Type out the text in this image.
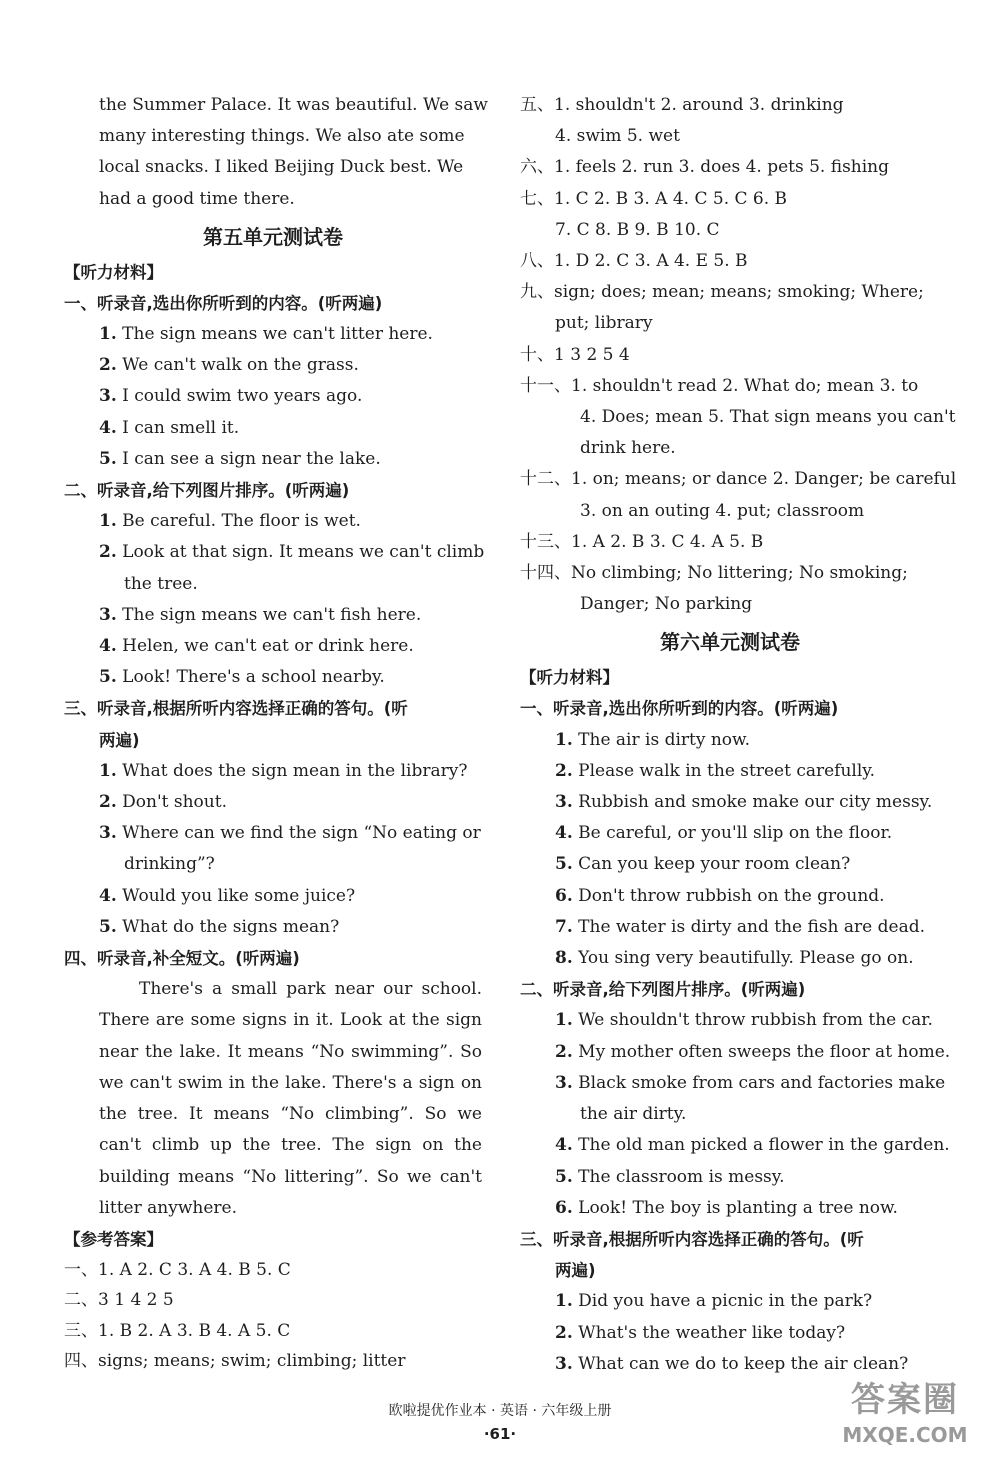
the Summer Palace. It was beautiful. We saw
many interesting things. We also ate some
local snacks. I liked Beijing Duck best. We
had a good time there.
第五单元测试卷
【听力材料】
一、听录音,选出你所听到的内容。(听两遍)
1. The sign means we can't litter here.
2. We can't walk on the grass.
3. I could swim two years ago.
4. I can smell it.
5. I can see a sign near the lake.
二、听录音,给下列图片排序。(听两遍)
1. Be careful. The floor is wet.
2. Look at that sign. It means we can't climb
the tree.
3. The sign means we can't fish here.
4. Helen, we can't eat or drink here.
5. Look! There's a school nearby.
三、听录音,根据所听内容选择正确的答句。(听
两遍)
1. What does the sign mean in the library?
2. Don't shout.
3. Where can we find the sign “No eating or
drinking”?
4. Would you like some juice?
5. What do the signs mean?
四、听录音,补全短文。(听两遍)
There's a small park near our school. There are some signs in it. Look at the sign near the lake. It means “No swimming”. So we can't swim in the lake. There's a sign on the tree. It means “No climbing”. So we can't climb up the tree. The sign on the building means “No littering”. So we can't litter anywhere.
【参考答案】
一、1. A 2. C 3. A 4. B 5. C
二、3 1 4 2 5
三、1. B 2. A 3. B 4. A 5. C
四、signs; means; swim; climbing; litter
五、1. shouldn't 2. around 3. drinking
4. swim 5. wet
六、1. feels 2. run 3. does 4. pets 5. fishing
七、1. C 2. B 3. A 4. C 5. C 6. B
7. C 8. B 9. B 10. C
八、1. D 2. C 3. A 4. E 5. B
九、sign; does; mean; means; smoking; Where;
put; library
十、1 3 2 5 4
十一、1. shouldn't read 2. What do; mean 3. to
4. Does; mean 5. That sign means you can't
drink here.
十二、1. on; means; or dance 2. Danger; be careful
3. on an outing 4. put; classroom
十三、1. A 2. B 3. C 4. A 5. B
十四、No climbing; No littering; No smoking;
Danger; No parking
第六单元测试卷
【听力材料】
一、听录音,选出你所听到的内容。(听两遍)
1. The air is dirty now.
2. Please walk in the street carefully.
3. Rubbish and smoke make our city messy.
4. Be careful, or you'll slip on the floor.
5. Can you keep your room clean?
6. Don't throw rubbish on the ground.
7. The water is dirty and the fish are dead.
8. You sing very beautifully. Please go on.
二、听录音,给下列图片排序。(听两遍)
1. We shouldn't throw rubbish from the car.
2. My mother often sweeps the floor at home.
3. Black smoke from cars and factories make
the air dirty.
4. The old man picked a flower in the garden.
5. The classroom is messy.
6. Look! The boy is planting a tree now.
三、听录音,根据所听内容选择正确的答句。(听
两遍)
1. Did you have a picnic in the park?
2. What's the weather like today?
3. What can we do to keep the air clean?
欧啦提优作业本 · 英语 · 六年级上册
·61·
答案圈
MXQE.COM
